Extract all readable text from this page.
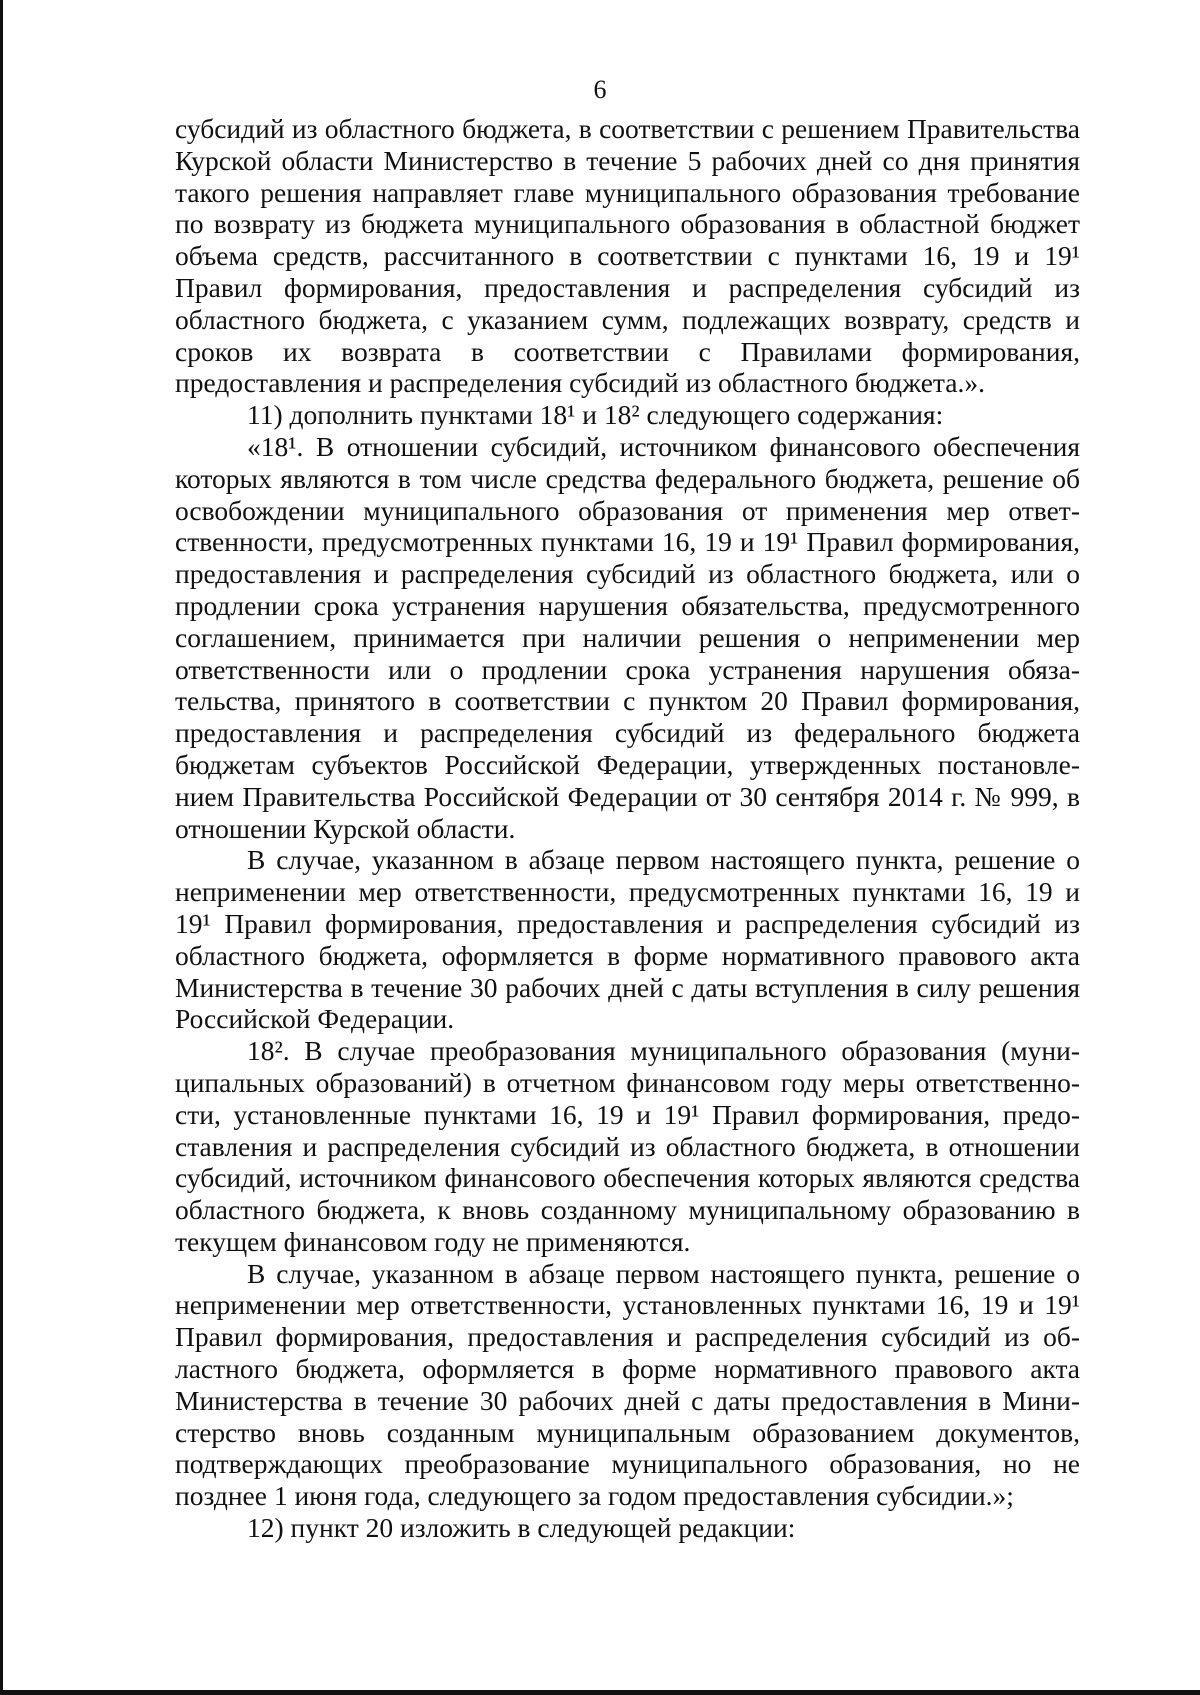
6

субсидий из областного бюджета, в соответствии с решением Правительства Курской области Министерство в течение 5 рабочих дней со дня принятия такого решения направляет главе муниципального образования требование по возврату из бюджета муниципального образования в областной бюджет объема средств, рассчитанного в соответствии с пунктами 16, 19 и 19¹ Правил формирования, предоставления и распределения субсидий из областного бюджета, с указанием сумм, подлежащих возврату, средств и сроков их возврата в соответствии с Правилами формирования, предоставления и распределения субсидий из областного бюджета.».

11) дополнить пунктами 18¹ и 18² следующего содержания:

«18¹. В отношении субсидий, источником финансового обеспечения которых являются в том числе средства федерального бюджета, решение об освобождении муниципального образования от применения мер ответственности, предусмотренных пунктами 16, 19 и 19¹ Правил формирования, предоставления и распределения субсидий из областного бюджета, или о продлении срока устранения нарушения обязательства, предусмотренного соглашением, принимается при наличии решения о неприменении мер ответственности или о продлении срока устранения нарушения обязательства, принятого в соответствии с пунктом 20 Правил формирования, предоставления и распределения субсидий из федерального бюджета бюджетам субъектов Российской Федерации, утвержденных постановлением Правительства Российской Федерации от 30 сентября 2014 г. № 999, в отношении Курской области.

В случае, указанном в абзаце первом настоящего пункта, решение о неприменении мер ответственности, предусмотренных пунктами 16, 19 и 19¹ Правил формирования, предоставления и распределения субсидий из областного бюджета, оформляется в форме нормативного правового акта Министерства в течение 30 рабочих дней с даты вступления в силу решения Российской Федерации.

18². В случае преобразования муниципального образования (муниципальных образований) в отчетном финансовом году меры ответственности, установленные пунктами 16, 19 и 19¹ Правил формирования, предоставления и распределения субсидий из областного бюджета, в отношении субсидий, источником финансового обеспечения которых являются средства областного бюджета, к вновь созданному муниципальному образованию в текущем финансовом году не применяются.

В случае, указанном в абзаце первом настоящего пункта, решение о неприменении мер ответственности, установленных пунктами 16, 19 и 19¹ Правил формирования, предоставления и распределения субсидий из областного бюджета, оформляется в форме нормативного правового акта Министерства в течение 30 рабочих дней с даты предоставления в Министерство вновь созданным муниципальным образованием документов, подтверждающих преобразование муниципального образования, но не позднее 1 июня года, следующего за годом предоставления субсидии.»;

12) пункт 20 изложить в следующей редакции:
